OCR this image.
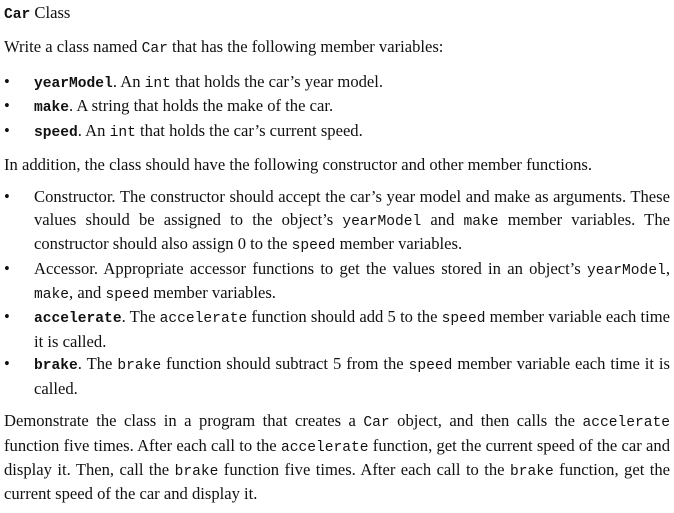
Car Class

Write a class named Car that has the following member variables:

• yearModel. An int that holds the car’s year model.
• make. A string that holds the make of the car.
• speed. An int that holds the car’s current speed.

In addition, the class should have the following constructor and other member functions.

• Constructor. The constructor should accept the car’s year model and make as arguments. These values should be assigned to the object’s yearModel and make member variables. The constructor should also assign 0 to the speed member variables.
• Accessor. Appropriate accessor functions to get the values stored in an object’s yearModel, make, and speed member variables.
• accelerate. The accelerate function should add 5 to the speed member variable each time it is called.
• brake. The brake function should subtract 5 from the speed member variable each time it is called.

Demonstrate the class in a program that creates a Car object, and then calls the accelerate function five times. After each call to the accelerate function, get the current speed of the car and display it. Then, call the brake function five times. After each call to the brake function, get the current speed of the car and display it.
